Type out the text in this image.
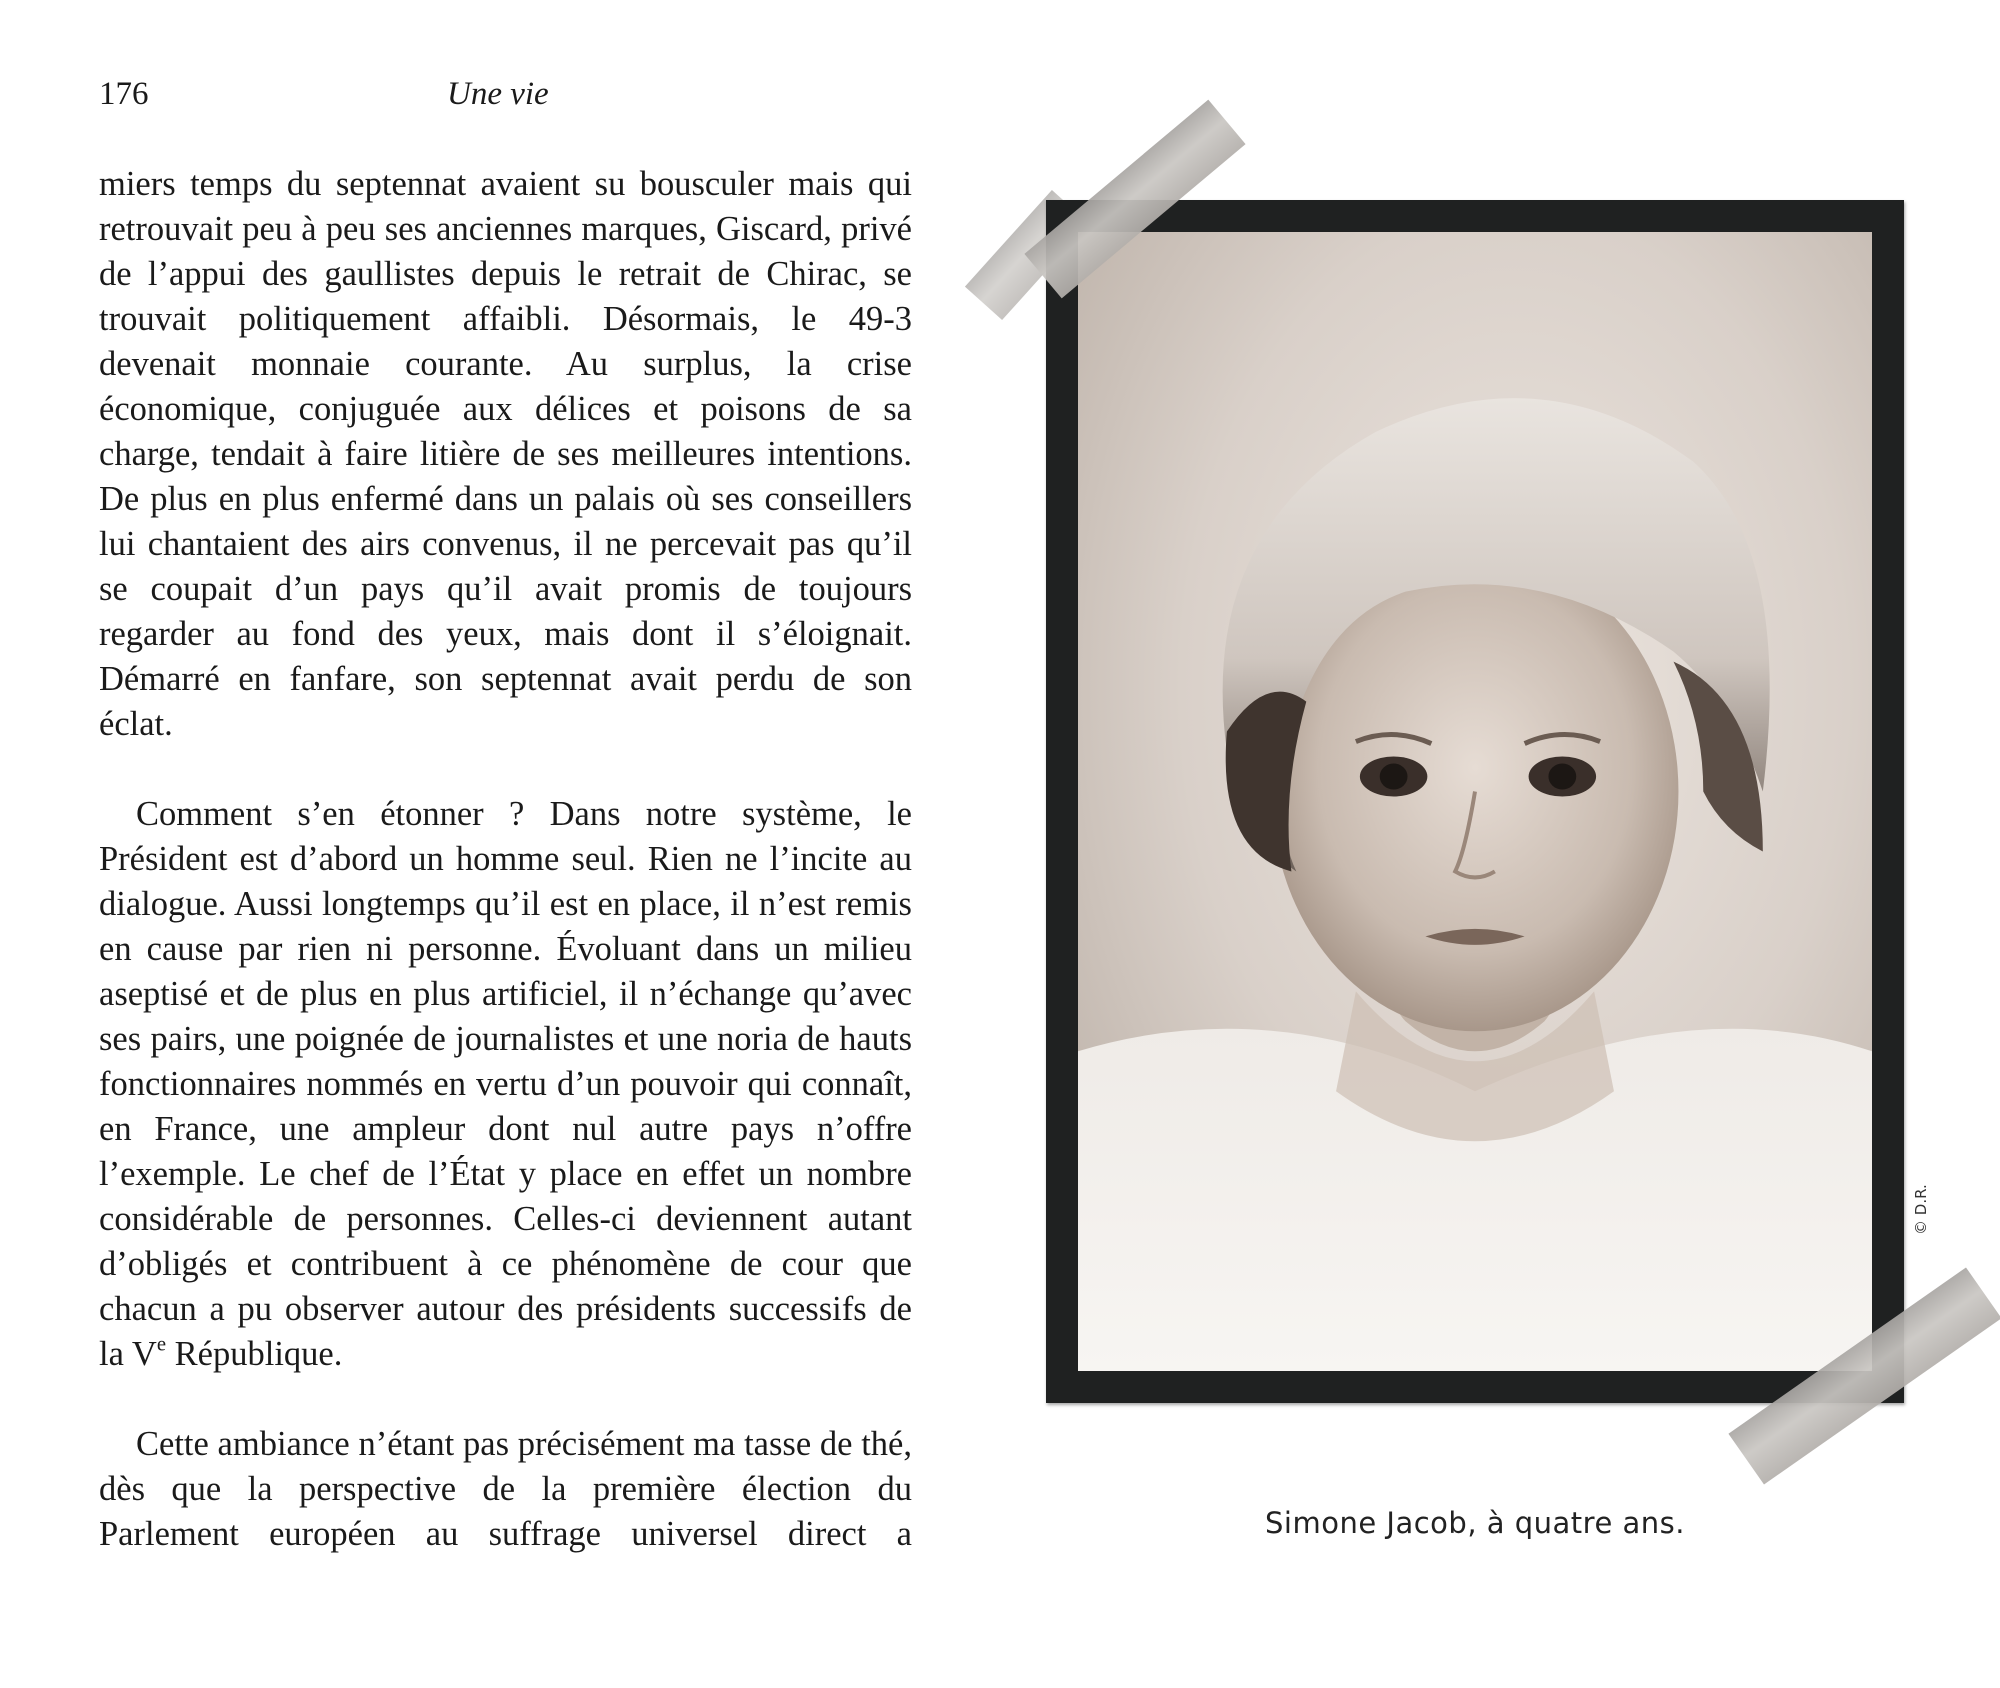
176	Une vie

miers temps du septennat avaient su bousculer mais qui retrouvait peu à peu ses anciennes marques, Giscard, privé de l’appui des gaullistes depuis le retrait de Chirac, se trouvait politiquement affaibli. Désormais, le 49-3 devenait monnaie courante. Au surplus, la crise économique, conjuguée aux délices et poisons de sa charge, tendait à faire litière de ses meilleures intentions. De plus en plus enfermé dans un palais où ses conseillers lui chantaient des airs convenus, il ne percevait pas qu’il se coupait d’un pays qu’il avait promis de toujours regarder au fond des yeux, mais dont il s’éloignait. Démarré en fanfare, son septennat avait perdu de son éclat.

Comment s’en étonner ? Dans notre système, le Président est d’abord un homme seul. Rien ne l’incite au dialogue. Aussi longtemps qu’il est en place, il n’est remis en cause par rien ni personne. Évoluant dans un milieu aseptisé et de plus en plus artificiel, il n’échange qu’avec ses pairs, une poignée de journalistes et une noria de hauts fonctionnaires nommés en vertu d’un pouvoir qui connaît, en France, une ampleur dont nul autre pays n’offre l’exemple. Le chef de l’État y place en effet un nombre considérable de personnes. Celles-ci deviennent autant d’obligés et contribuent à ce phénomène de cour que chacun a pu observer autour des présidents successifs de la Ve République.

Cette ambiance n’étant pas précisément ma tasse de thé, dès que la perspective de la première élection du Parlement européen au suffrage universel direct a

© D.R.
Simone Jacob, à quatre ans.
